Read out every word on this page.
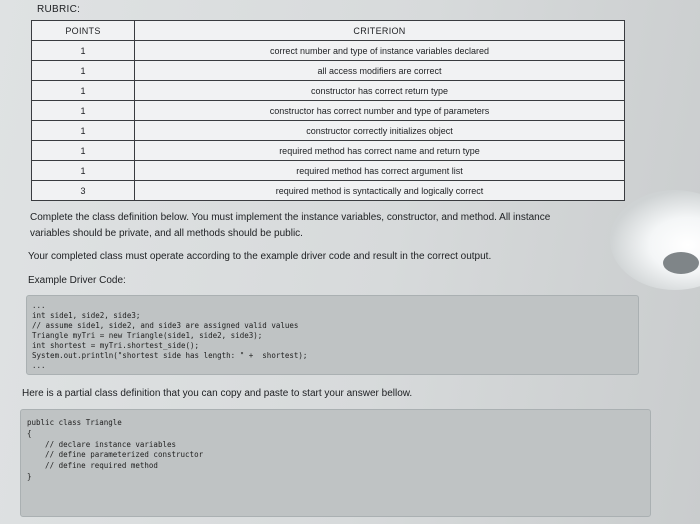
RUBRIC:
POINTS	CRITERION
1	correct number and type of instance variables declared
1	all access modifiers are correct
1	constructor has correct return type
1	constructor has correct number and type of parameters
1	constructor correctly initializes object
1	required method has correct name and return type
1	required method has correct argument list
3	required method is syntactically and logically correct
Complete the class definition below. You must implement the instance variables, constructor, and method. All instance
variables should be private, and all methods should be public.
Your completed class must operate according to the example driver code and result in the correct output.
Example Driver Code:
...
int side1, side2, side3;
// assume side1, side2, and side3 are assigned valid values
Triangle myTri = new Triangle(side1, side2, side3);
int shortest = myTri.shortest_side();
System.out.println("shortest side has length: " +  shortest);
...
Here is a partial class definition that you can copy and paste to start your answer bellow.
public class Triangle
{
// declare instance variables
// define parameterized constructor
// define required method
}
